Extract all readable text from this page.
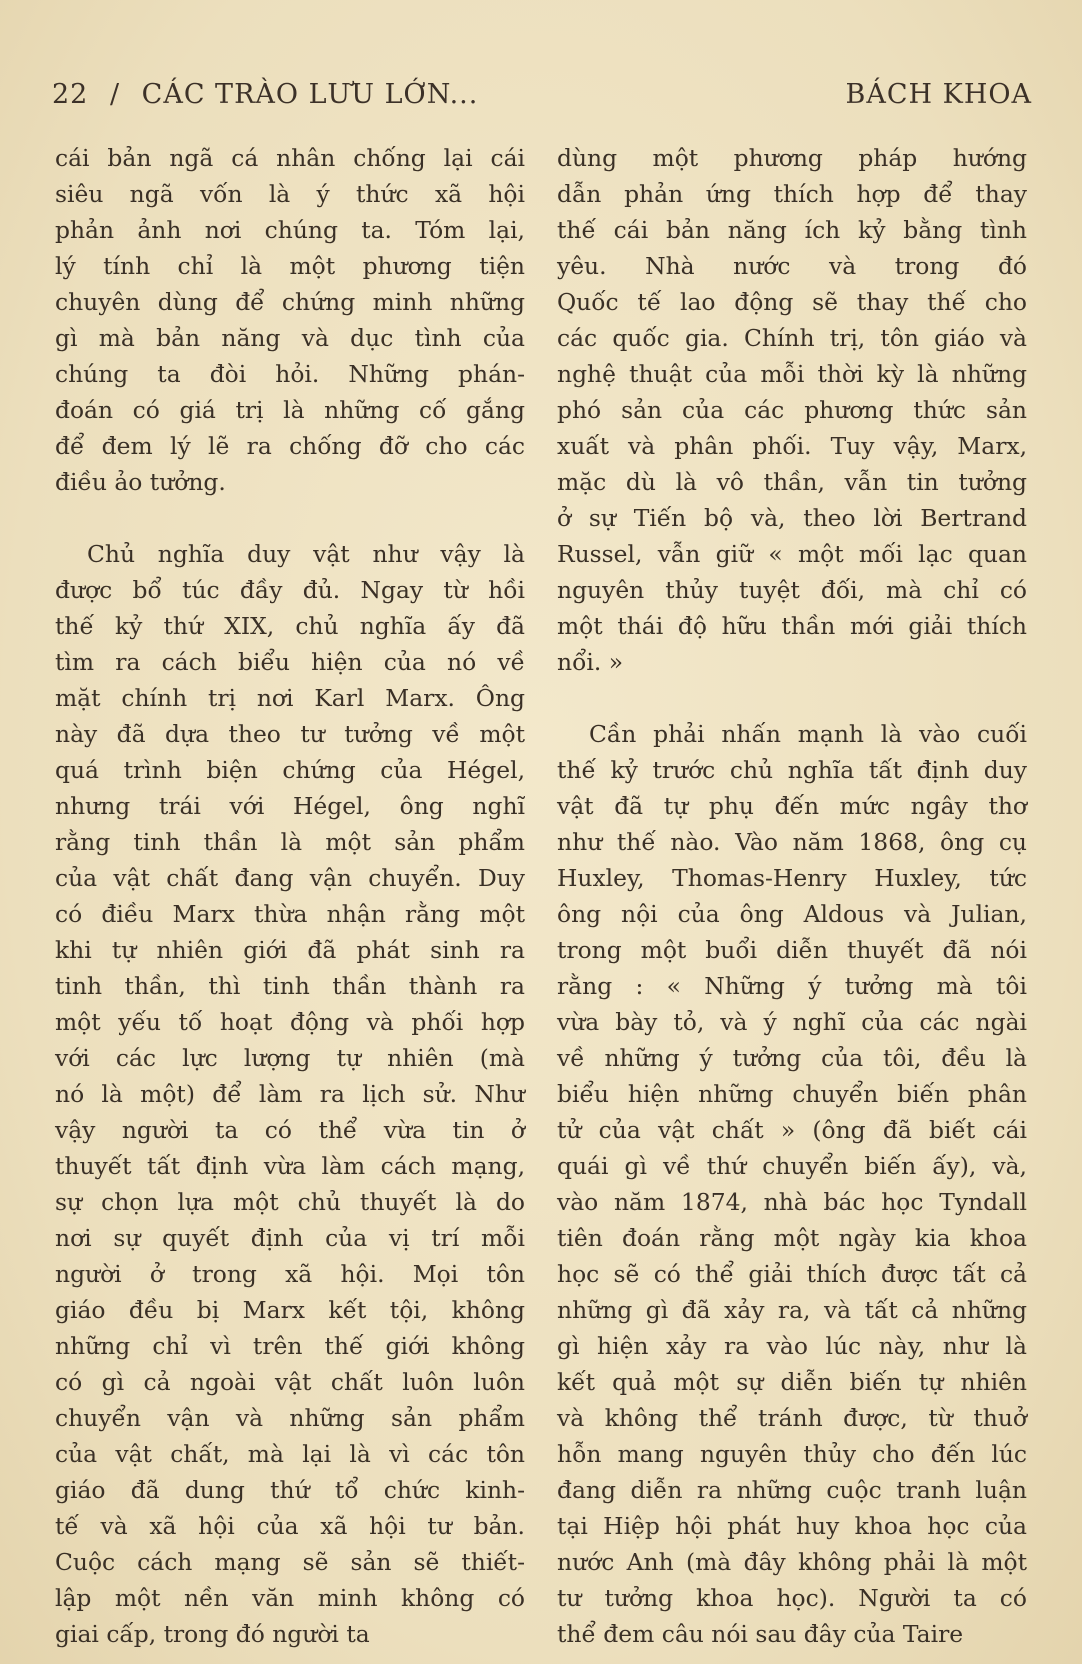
22 / CÁC TRÀO LƯU LỚN...	BÁCH KHOA
cái bản ngã cá nhân chống lại cái
siêu ngã vốn là ý thức xã hội
phản ảnh nơi chúng ta. Tóm lại,
lý tính chỉ là một phương tiện
chuyên dùng để chứng minh những
gì mà bản năng và dục tình của
chúng ta đòi hỏi. Những phán-
đoán có giá trị là những cố gắng
để đem lý lẽ ra chống đỡ cho các
điều ảo tưởng.
Chủ nghĩa duy vật như vậy là
được bổ túc đầy đủ. Ngay từ hồi
thế kỷ thứ XIX, chủ nghĩa ấy đã
tìm ra cách biểu hiện của nó về
mặt chính trị nơi Karl Marx. Ông
này đã dựa theo tư tưởng về một
quá trình biện chứng của Hégel,
nhưng trái với Hégel, ông nghĩ
rằng tinh thần là một sản phẩm
của vật chất đang vận chuyển. Duy
có điều Marx thừa nhận rằng một
khi tự nhiên giới đã phát sinh ra
tinh thần, thì tinh thần thành ra
một yếu tố hoạt động và phối hợp
với các lực lượng tự nhiên (mà
nó là một) để làm ra lịch sử. Như
vậy người ta có thể vừa tin ở
thuyết tất định vừa làm cách mạng,
sự chọn lựa một chủ thuyết là do
nơi sự quyết định của vị trí mỗi
người ở trong xã hội. Mọi tôn
giáo đều bị Marx kết tội, không
những chỉ vì trên thế giới không
có gì cả ngoài vật chất luôn luôn
chuyển vận và những sản phẩm
của vật chất, mà lại là vì các tôn
giáo đã dung thứ tổ chức kinh-
tế và xã hội của xã hội tư bản.
Cuộc cách mạng sẽ sản sẽ thiết-
lập một nền văn minh không có
giai cấp, trong đó người ta
dùng một phương pháp hướng
dẫn phản ứng thích hợp để thay
thế cái bản năng ích kỷ bằng tình
yêu. Nhà nước và trong đó
Quốc tế lao động sẽ thay thế cho
các quốc gia. Chính trị, tôn giáo và
nghệ thuật của mỗi thời kỳ là những
phó sản của các phương thức sản
xuất và phân phối. Tuy vậy, Marx,
mặc dù là vô thần, vẫn tin tưởng
ở sự Tiến bộ và, theo lời Bertrand
Russel, vẫn giữ « một mối lạc quan
nguyên thủy tuyệt đối, mà chỉ có
một thái độ hữu thần mới giải thích
nổi. »
Cần phải nhấn mạnh là vào cuối
thế kỷ trước chủ nghĩa tất định duy
vật đã tự phụ đến mức ngây thơ
như thế nào. Vào năm 1868, ông cụ
Huxley, Thomas-Henry Huxley, tức
ông nội của ông Aldous và Julian,
trong một buổi diễn thuyết đã nói
rằng : « Những ý tưởng mà tôi
vừa bày tỏ, và ý nghĩ của các ngài
về những ý tưởng của tôi, đều là
biểu hiện những chuyển biến phân
tử của vật chất » (ông đã biết cái
quái gì về thứ chuyển biến ấy), và,
vào năm 1874, nhà bác học Tyndall
tiên đoán rằng một ngày kia khoa
học sẽ có thể giải thích được tất cả
những gì đã xảy ra, và tất cả những
gì hiện xảy ra vào lúc này, như là
kết quả một sự diễn biến tự nhiên
và không thể tránh được, từ thuở
hỗn mang nguyên thủy cho đến lúc
đang diễn ra những cuộc tranh luận
tại Hiệp hội phát huy khoa học của
nước Anh (mà đây không phải là một
tư tưởng khoa học). Người ta có
thể đem câu nói sau đây của Taire
